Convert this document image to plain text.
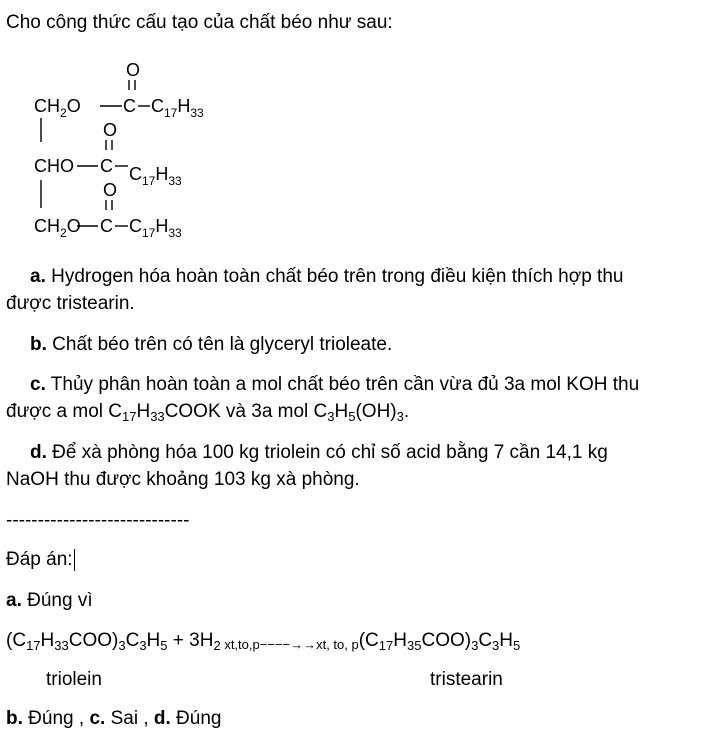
Cho công thức cấu tạo của chất béo như sau:
O
$CH_2O$ C $C_{17}H_{33}$
O
CHO C $C_{17}H_{33}$
O
$CH_2O$ C $C_{17}H_{33}$
a. Hydrogen hóa hoàn toàn chất béo trên trong điều kiện thích hợp thu
được tristearin.
b. Chất béo trên có tên là glyceryl trioleate.
c. Thủy phân hoàn toàn a mol chất béo trên cần vừa đủ 3a mol KOH thu
được a mol $C_{17}H_{33}COOK$ và 3a mol $C_3H_5(OH)_3$.
d. Để xà phòng hóa 100 kg triolein có chỉ số acid bằng 7 cần 14,1 kg
NaOH thu được khoảng 103 kg xà phòng.
-----------------------------
Đáp án:
a. Đúng vì
$(C_{17}H_{33}COO)_3C_3H_5 + 3H_2$ xt,to,p−−−−→→xt, to, $p(C_{17}H_{35}COO)_3C_3H_5$
triolein	tristearin
b. Đúng , c. Sai , d. Đúng
